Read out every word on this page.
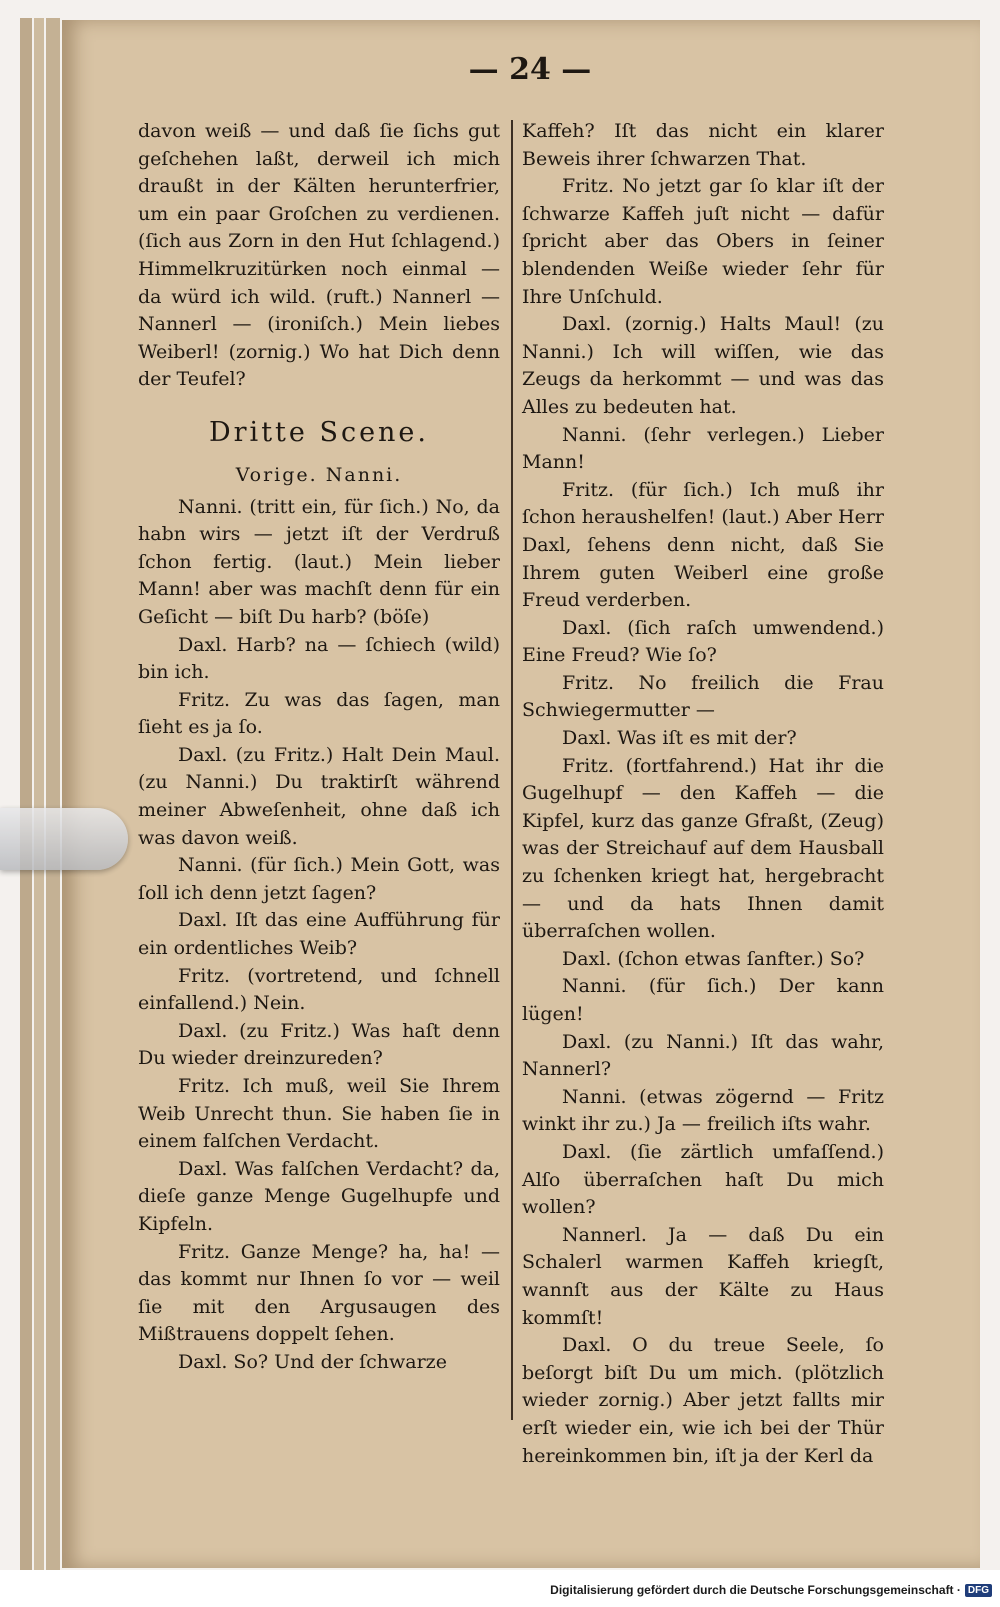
— 24 —

davon weiß — und daß ſie ſichs gut geſchehen laßt, derweil ich mich draußt in der Kälten herunterfrier, um ein paar Groſchen zu verdienen. (ſich aus Zorn in den Hut ſchlagend.) Himmelkruzitürken noch einmal — da würd ich wild. (ruft.) Nannerl — Nannerl — (ironiſch.) Mein liebes Weiberl! (zornig.) Wo hat Dich denn der Teufel?

Dritte Scene.

Vorige. Nanni.

Nanni. (tritt ein, für ſich.) No, da habn wirs — jetzt iſt der Verdruß ſchon fertig. (laut.) Mein lieber Mann! aber was machſt denn für ein Geſicht — biſt Du harb? (böſe)

Daxl. Harb? na — ſchiech (wild) bin ich.

Fritz. Zu was das ſagen, man ſieht es ja ſo.

Daxl. (zu Fritz.) Halt Dein Maul. (zu Nanni.) Du traktirſt während meiner Abweſenheit, ohne daß ich was davon weiß.

Nanni. (für ſich.) Mein Gott, was ſoll ich denn jetzt ſagen?

Daxl. Iſt das eine Aufführung für ein ordentliches Weib?

Fritz. (vortretend, und ſchnell einfallend.) Nein.

Daxl. (zu Fritz.) Was haſt denn Du wieder dreinzureden?

Fritz. Ich muß, weil Sie Ihrem Weib Unrecht thun. Sie haben ſie in einem falſchen Verdacht.

Daxl. Was falſchen Verdacht? da, dieſe ganze Menge Gugelhupfe und Kipfeln.

Fritz. Ganze Menge? ha, ha! — das kommt nur Ihnen ſo vor — weil ſie mit den Argusaugen des Mißtrauens doppelt ſehen.

Daxl. So? Und der ſchwarze

Kaffeh? Iſt das nicht ein klarer Beweis ihrer ſchwarzen That.

Fritz. No jetzt gar ſo klar iſt der ſchwarze Kaffeh juſt nicht — dafür ſpricht aber das Obers in ſeiner blendenden Weiße wieder ſehr für Ihre Unſchuld.

Daxl. (zornig.) Halts Maul! (zu Nanni.) Ich will wiſſen, wie das Zeugs da herkommt — und was das Alles zu bedeuten hat.

Nanni. (ſehr verlegen.) Lieber Mann!

Fritz. (für ſich.) Ich muß ihr ſchon heraushelfen! (laut.) Aber Herr Daxl, ſehens denn nicht, daß Sie Ihrem guten Weiberl eine große Freud verderben.

Daxl. (ſich raſch umwendend.) Eine Freud? Wie ſo?

Fritz. No freilich die Frau Schwiegermutter —

Daxl. Was iſt es mit der?

Fritz. (fortfahrend.) Hat ihr die Gugelhupf — den Kaffeh — die Kipfel, kurz das ganze Gfraßt, (Zeug) was der Streichauf auf dem Hausball zu ſchenken kriegt hat, hergebracht — und da hats Ihnen damit überraſchen wollen.

Daxl. (ſchon etwas ſanfter.) So?

Nanni. (für ſich.) Der kann lügen!

Daxl. (zu Nanni.) Iſt das wahr, Nannerl?

Nanni. (etwas zögernd — Fritz winkt ihr zu.) Ja — freilich iſts wahr.

Daxl. (ſie zärtlich umfaſſend.) Alſo überraſchen haſt Du mich wollen?

Nannerl. Ja — daß Du ein Schalerl warmen Kaffeh kriegſt, wannſt aus der Kälte zu Haus kommſt!

Daxl. O du treue Seele, ſo beſorgt biſt Du um mich. (plötzlich wieder zornig.) Aber jetzt fallts mir erſt wieder ein, wie ich bei der Thür hereinkommen bin, iſt ja der Kerl da

Digitalisierung gefördert durch die Deutsche Forschungsgemeinschaft · DFG
